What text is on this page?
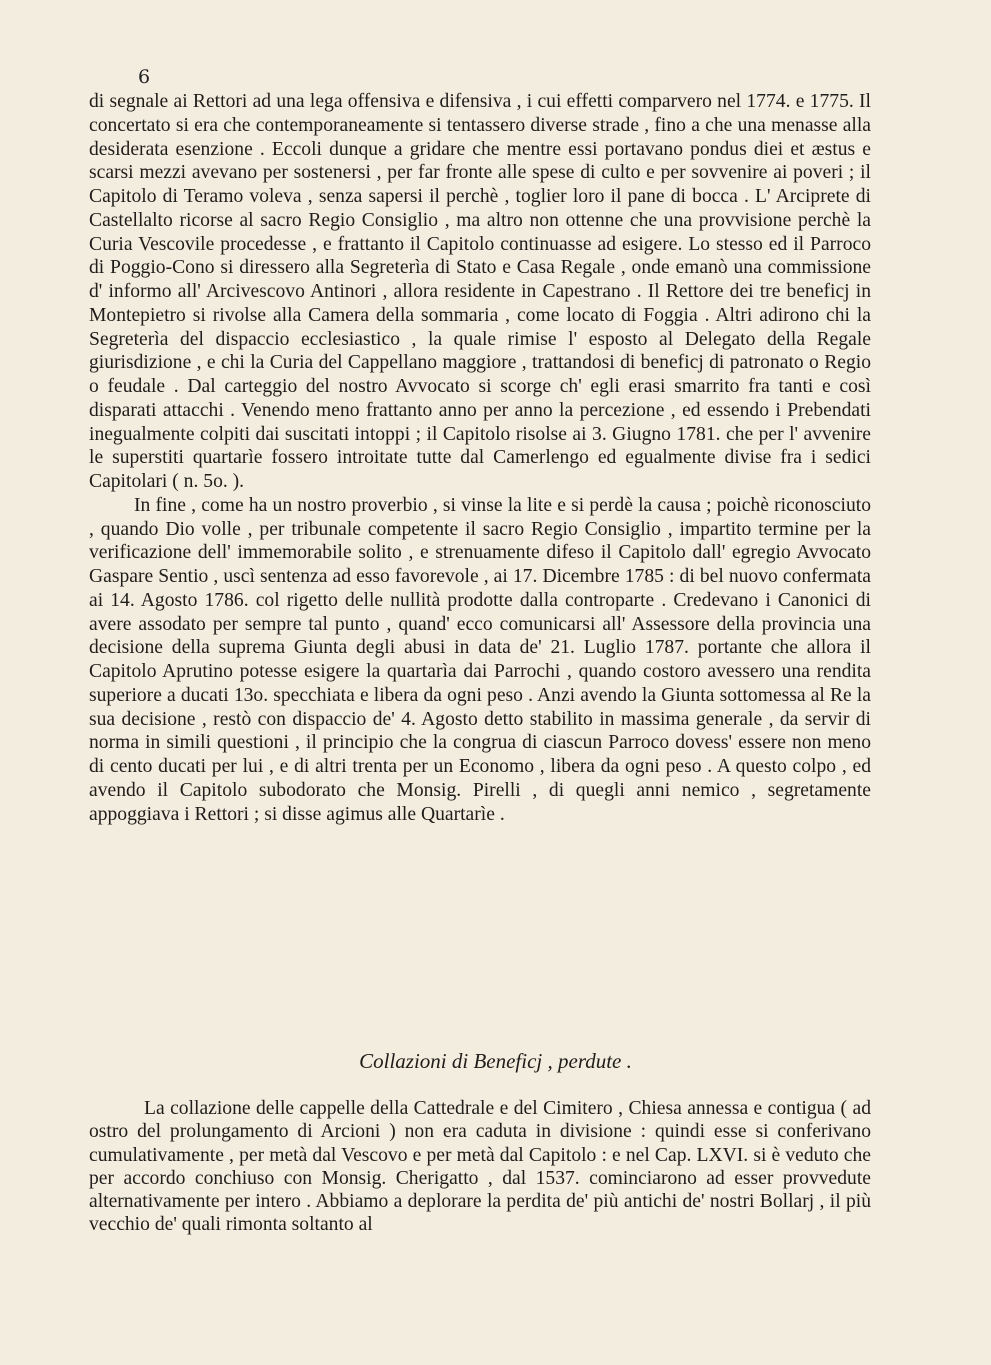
6

di segnale ai Rettori ad una lega offensiva e difensiva , i cui effetti comparvero nel 1774. e 1775. Il concertato si era che contemporaneamente si tentassero diverse strade , fino a che una menasse alla desiderata esenzione . Eccoli dunque a gridare che mentre essi portavano pondus diei et æstus e scarsi mezzi avevano per sostenersi , per far fronte alle spese di culto e per sovvenire ai poveri ; il Capitolo di Teramo voleva , senza sapersi il perchè , toglier loro il pane di bocca . L' Arciprete di Castellalto ricorse al sacro Regio Consiglio , ma altro non ottenne che una provvisione perchè la Curia Vescovile procedesse , e frattanto il Capitolo continuasse ad esigere. Lo stesso ed il Parroco di Poggio-Cono si diressero alla Segreterìa di Stato e Casa Regale , onde emanò una commissione d' informo all' Arcivescovo Antinori , allora residente in Capestrano . Il Rettore dei tre beneficj in Montepietro si rivolse alla Camera della sommaria , come locato di Foggia . Altri adirono chi la Segreterìa del dispaccio ecclesiastico , la quale rimise l' esposto al Delegato della Regale giurisdizione , e chi la Curia del Cappellano maggiore , trattandosi di beneficj di patronato o Regio o feudale . Dal carteggio del nostro Avvocato si scorge ch' egli erasi smarrito fra tanti e così disparati attacchi . Venendo meno frattanto anno per anno la percezione , ed essendo i Prebendati inegualmente colpiti dai suscitati intoppi ; il Capitolo risolse ai 3. Giugno 1781. che per l' avvenire le superstiti quartarìe fossero introitate tutte dal Camerlengo ed egualmente divise fra i sedici Capitolari ( n. 5o. ).

In fine , come ha un nostro proverbio , si vinse la lite e si perdè la causa ; poichè riconosciuto , quando Dio volle , per tribunale competente il sacro Regio Consiglio , impartito termine per la verificazione dell' immemorabile solito , e strenuamente difeso il Capitolo dall' egregio Avvocato Gaspare Sentio , uscì sentenza ad esso favorevole , ai 17. Dicembre 1785 : di bel nuovo confermata ai 14. Agosto 1786. col rigetto delle nullità prodotte dalla controparte . Credevano i Canonici di avere assodato per sempre tal punto , quand' ecco comunicarsi all' Assessore della provincia una decisione della suprema Giunta degli abusi in data de' 21. Luglio 1787. portante che allora il Capitolo Aprutino potesse esigere la quartarìa dai Parrochi , quando costoro avessero una rendita superiore a ducati 13o. specchiata e libera da ogni peso . Anzi avendo la Giunta sottomessa al Re la sua decisione , restò con dispaccio de' 4. Agosto detto stabilito in massima generale , da servir di norma in simili questioni , il principio che la congrua di ciascun Parroco dovess' essere non meno di cento ducati per lui , e di altri trenta per un Economo , libera da ogni peso . A questo colpo , ed avendo il Capitolo subodorato che Monsig. Pirelli , di quegli anni nemico , segretamente appoggiava i Rettori ; si disse agimus alle Quartarìe .

Collazioni di Beneficj , perdute .

La collazione delle cappelle della Cattedrale e del Cimitero , Chiesa annessa e contigua ( ad ostro del prolungamento di Arcioni ) non era caduta in divisione : quindi esse si conferivano cumulativamente , per metà dal Vescovo e per metà dal Capitolo : e nel Cap. LXVI. si è veduto che per accordo conchiuso con Monsig. Cherigatto , dal 1537. cominciarono ad esser provvedute alternativamente per intero . Abbiamo a deplorare la perdita de' più antichi de' nostri Bollarj , il più vecchio de' quali rimonta soltanto al
